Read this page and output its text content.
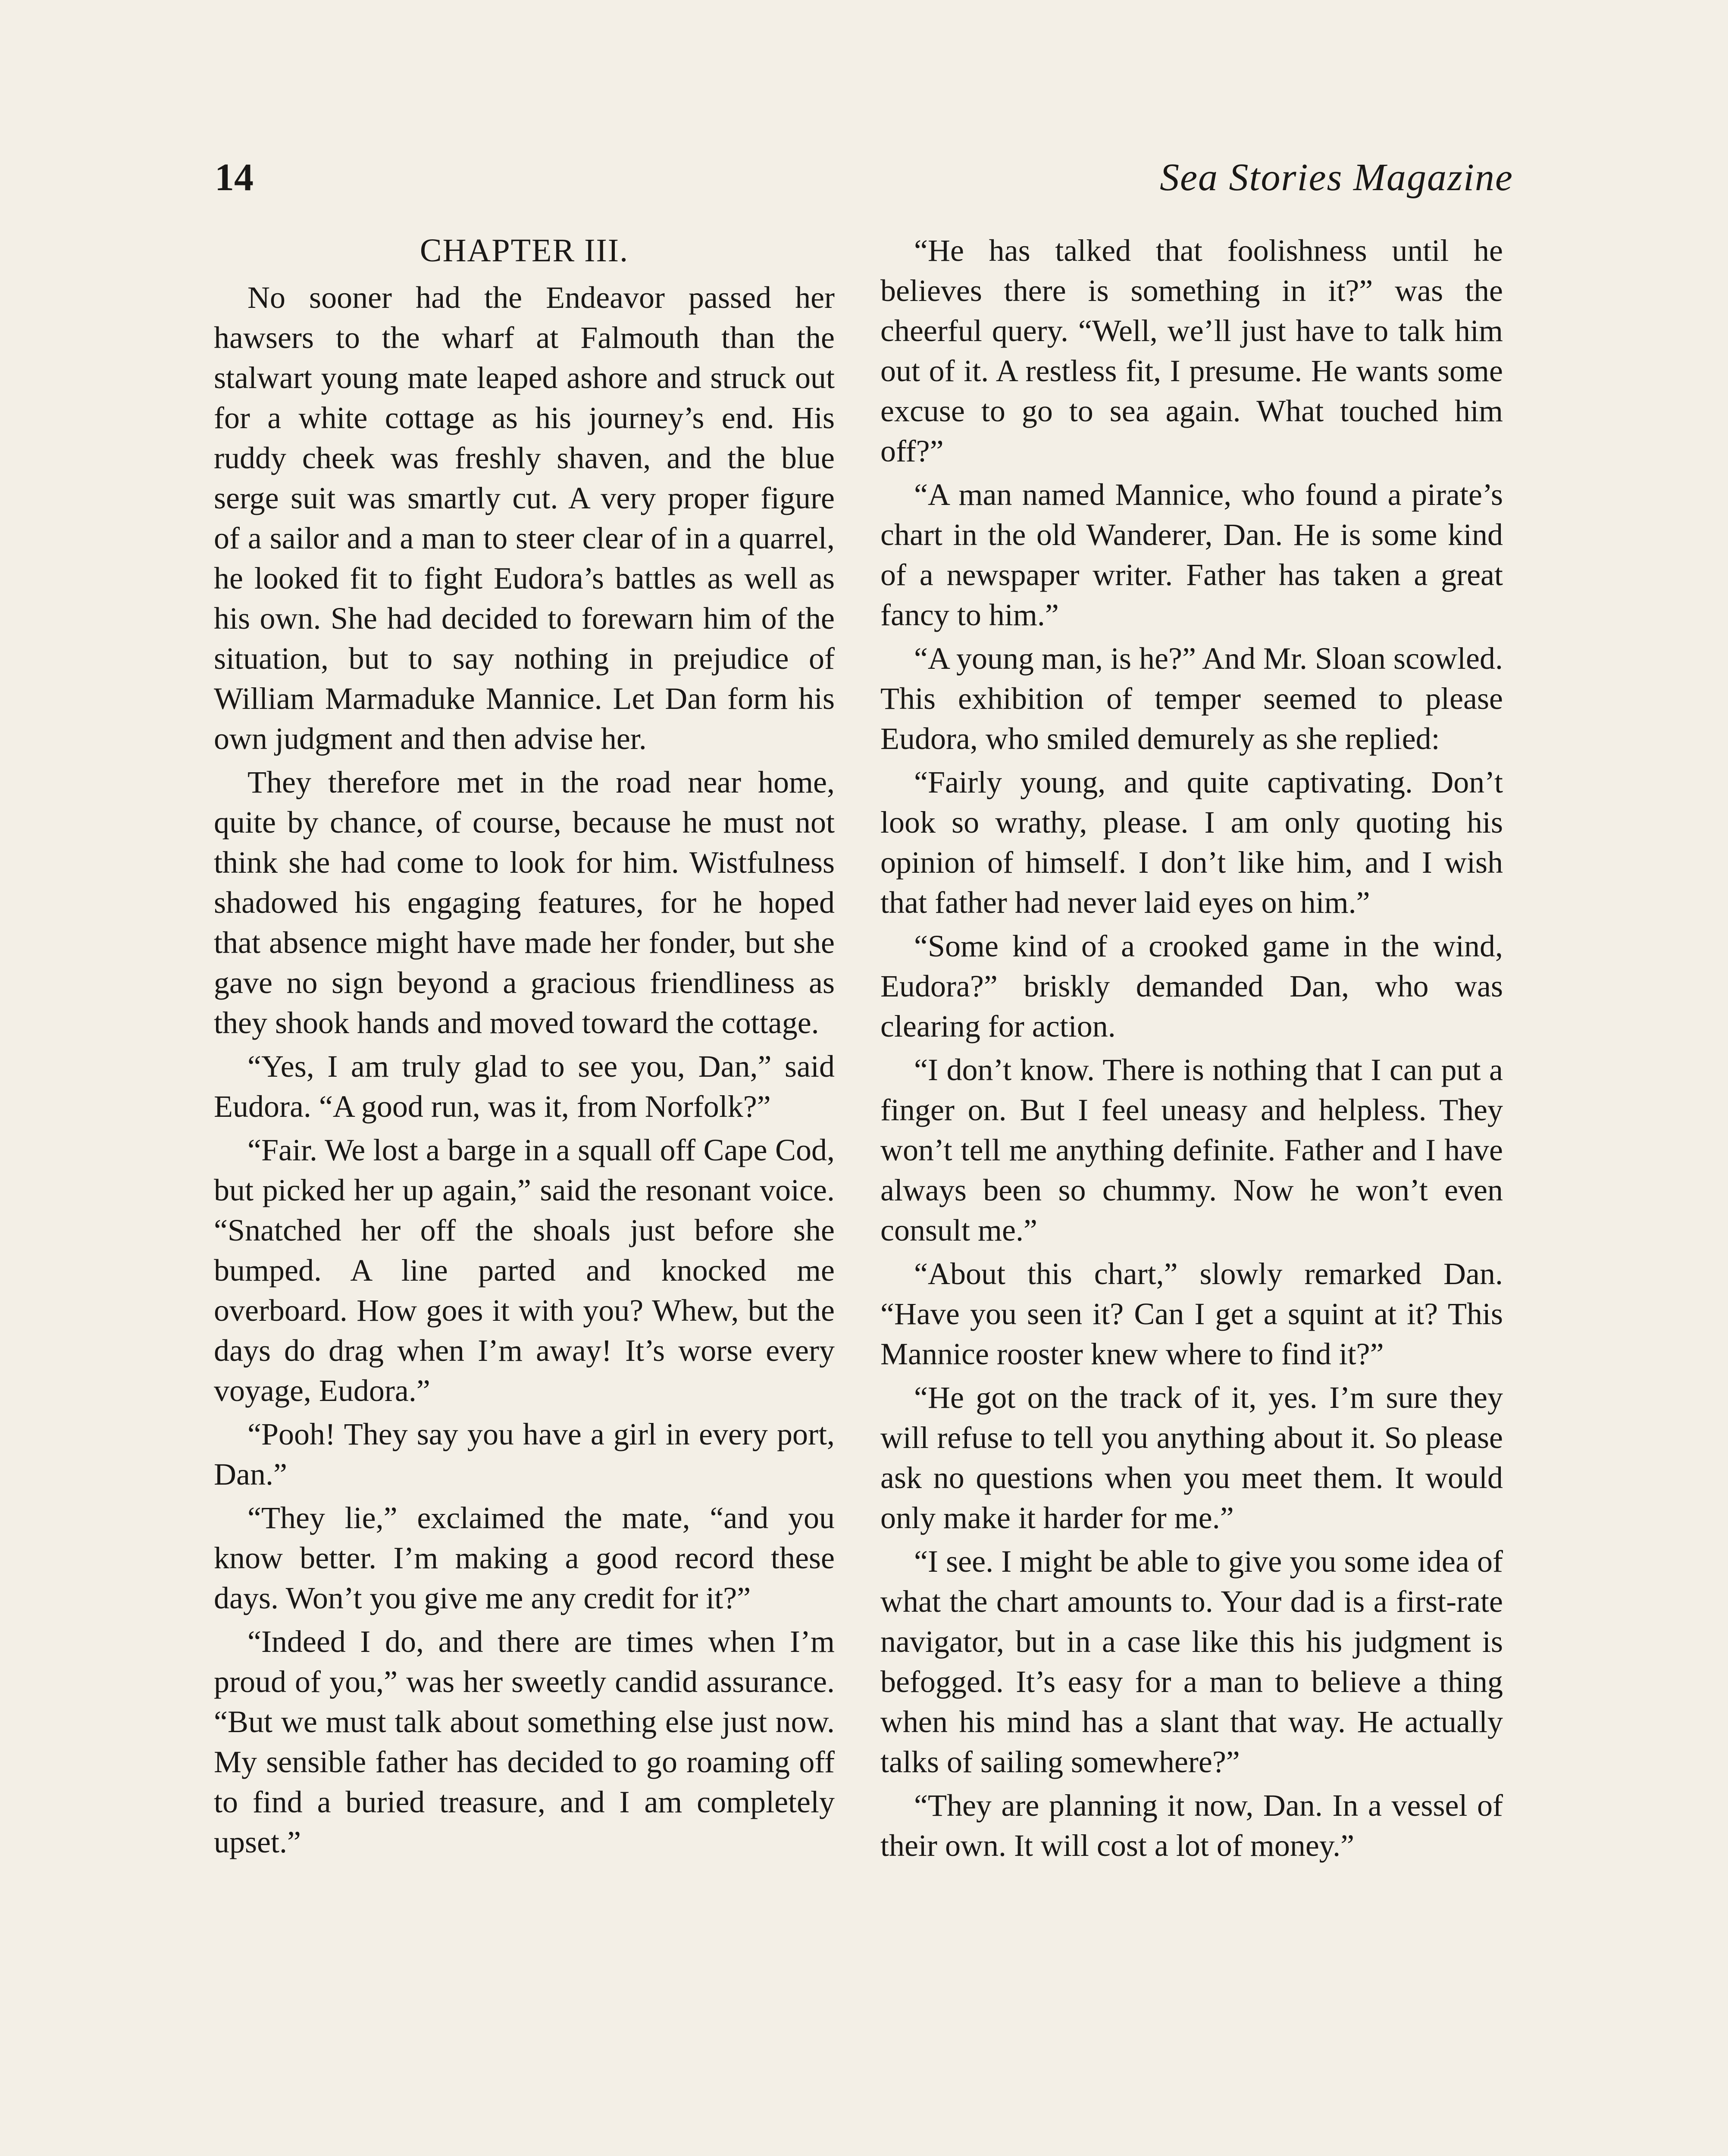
14	Sea Stories Magazine
CHAPTER III.

No sooner had the Endeavor passed her hawsers to the wharf at Falmouth than the stalwart young mate leaped ashore and struck out for a white cottage as his journey’s end. His ruddy cheek was freshly shaven, and the blue serge suit was smartly cut. A very proper figure of a sailor and a man to steer clear of in a quarrel, he looked fit to fight Eudora’s battles as well as his own. She had decided to forewarn him of the situation, but to say nothing in prejudice of William Marmaduke Mannice. Let Dan form his own judgment and then advise her.

They therefore met in the road near home, quite by chance, of course, because he must not think she had come to look for him. Wistfulness shadowed his engaging features, for he hoped that absence might have made her fonder, but she gave no sign beyond a gracious friendliness as they shook hands and moved toward the cottage.

“Yes, I am truly glad to see you, Dan,” said Eudora. “A good run, was it, from Norfolk?”

“Fair. We lost a barge in a squall off Cape Cod, but picked her up again,” said the resonant voice. “Snatched her off the shoals just before she bumped. A line parted and knocked me overboard. How goes it with you? Whew, but the days do drag when I’m away! It’s worse every voyage, Eudora.”

“Pooh! They say you have a girl in every port, Dan.”

“They lie,” exclaimed the mate, “and you know better. I’m making a good record these days. Won’t you give me any credit for it?”

“Indeed I do, and there are times when I’m proud of you,” was her sweetly candid assurance. “But we must talk about something else just now. My sensible father has decided to go roaming off to find a buried treasure, and I am completely upset.”

“He has talked that foolishness until he believes there is something in it?” was the cheerful query. “Well, we’ll just have to talk him out of it. A restless fit, I presume. He wants some excuse to go to sea again. What touched him off?”

“A man named Mannice, who found a pirate’s chart in the old Wanderer, Dan. He is some kind of a newspaper writer. Father has taken a great fancy to him.”

“A young man, is he?” And Mr. Sloan scowled. This exhibition of temper seemed to please Eudora, who smiled demurely as she replied:

“Fairly young, and quite captivating. Don’t look so wrathy, please. I am only quoting his opinion of himself. I don’t like him, and I wish that father had never laid eyes on him.”

“Some kind of a crooked game in the wind, Eudora?” briskly demanded Dan, who was clearing for action.

“I don’t know. There is nothing that I can put a finger on. But I feel uneasy and helpless. They won’t tell me anything definite. Father and I have always been so chummy. Now he won’t even consult me.”

“About this chart,” slowly remarked Dan. “Have you seen it? Can I get a squint at it? This Mannice rooster knew where to find it?”

“He got on the track of it, yes. I’m sure they will refuse to tell you anything about it. So please ask no questions when you meet them. It would only make it harder for me.”

“I see. I might be able to give you some idea of what the chart amounts to. Your dad is a first-rate navigator, but in a case like this his judgment is befogged. It’s easy for a man to believe a thing when his mind has a slant that way. He actually talks of sailing somewhere?”

“They are planning it now, Dan. In a vessel of their own. It will cost a lot of money.”
